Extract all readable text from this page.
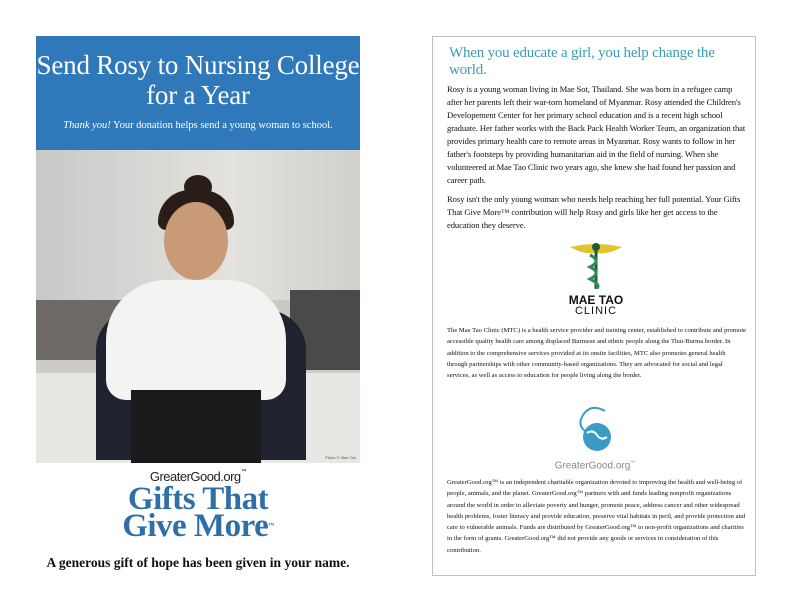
Send Rosy to Nursing College for a Year

Thank you! Your donation helps send a young woman to school.

Photo © Mae Tao
GreaterGood.org™
Gifts That
Give More™
A generous gift of hope has been given in your name.
When you educate a girl, you help change the world.

Rosy is a young woman living in Mae Sot, Thailand. She was born in a refugee camp after her parents left their war-torn homeland of Myanmar. Rosy attended the Children's Developement Center for her primary school education and is a recent high school graduate. Her father works with the Back Pack Health Worker Team, an organization that provides primary health care to remote areas in Myanmar. Rosy wants to follow in her father's footsteps by providing humanitarian aid in the field of nursing. When she volunteered at Mae Tao Clinic two years ago, she knew she had found her passion and career path.

Rosy isn't the only young woman who needs help reaching her full potential. Your Gifts That Give More™ contribution will help Rosy and girls like her get access to the education they deserve.

MAE TAO
CLINIC
The Mae Tao Clinic (MTC) is a health service provider and training center, established to contribute and promote accessible quality health care among displaced Burmese and ethnic people along the Thai-Burma border. In addition to the comprehensive services provided at its onsite facilities, MTC also promotes general health through partnerships with other community-based organizations. They are advocated for social and legal services, as well as access to education for people living along the border.
GreaterGood.org™
GreaterGood.org™ is an independent charitable organization devoted to improving the health and well-being of people, animals, and the planet. GreaterGood.org™ partners with and funds leading nonprofit organizations around the world in order to alleviate poverty and hunger, promote peace, address cancer and other widespread health problems, foster literacy and provide education, preserve vital habitats in peril, and provide protection and care to vulnerable animals. Funds are distributed by GreaterGood.org™ to non-profit organizations and charities in the form of grants. GreaterGood.org™ did not provide any goods or services in consideration of this contribution.
